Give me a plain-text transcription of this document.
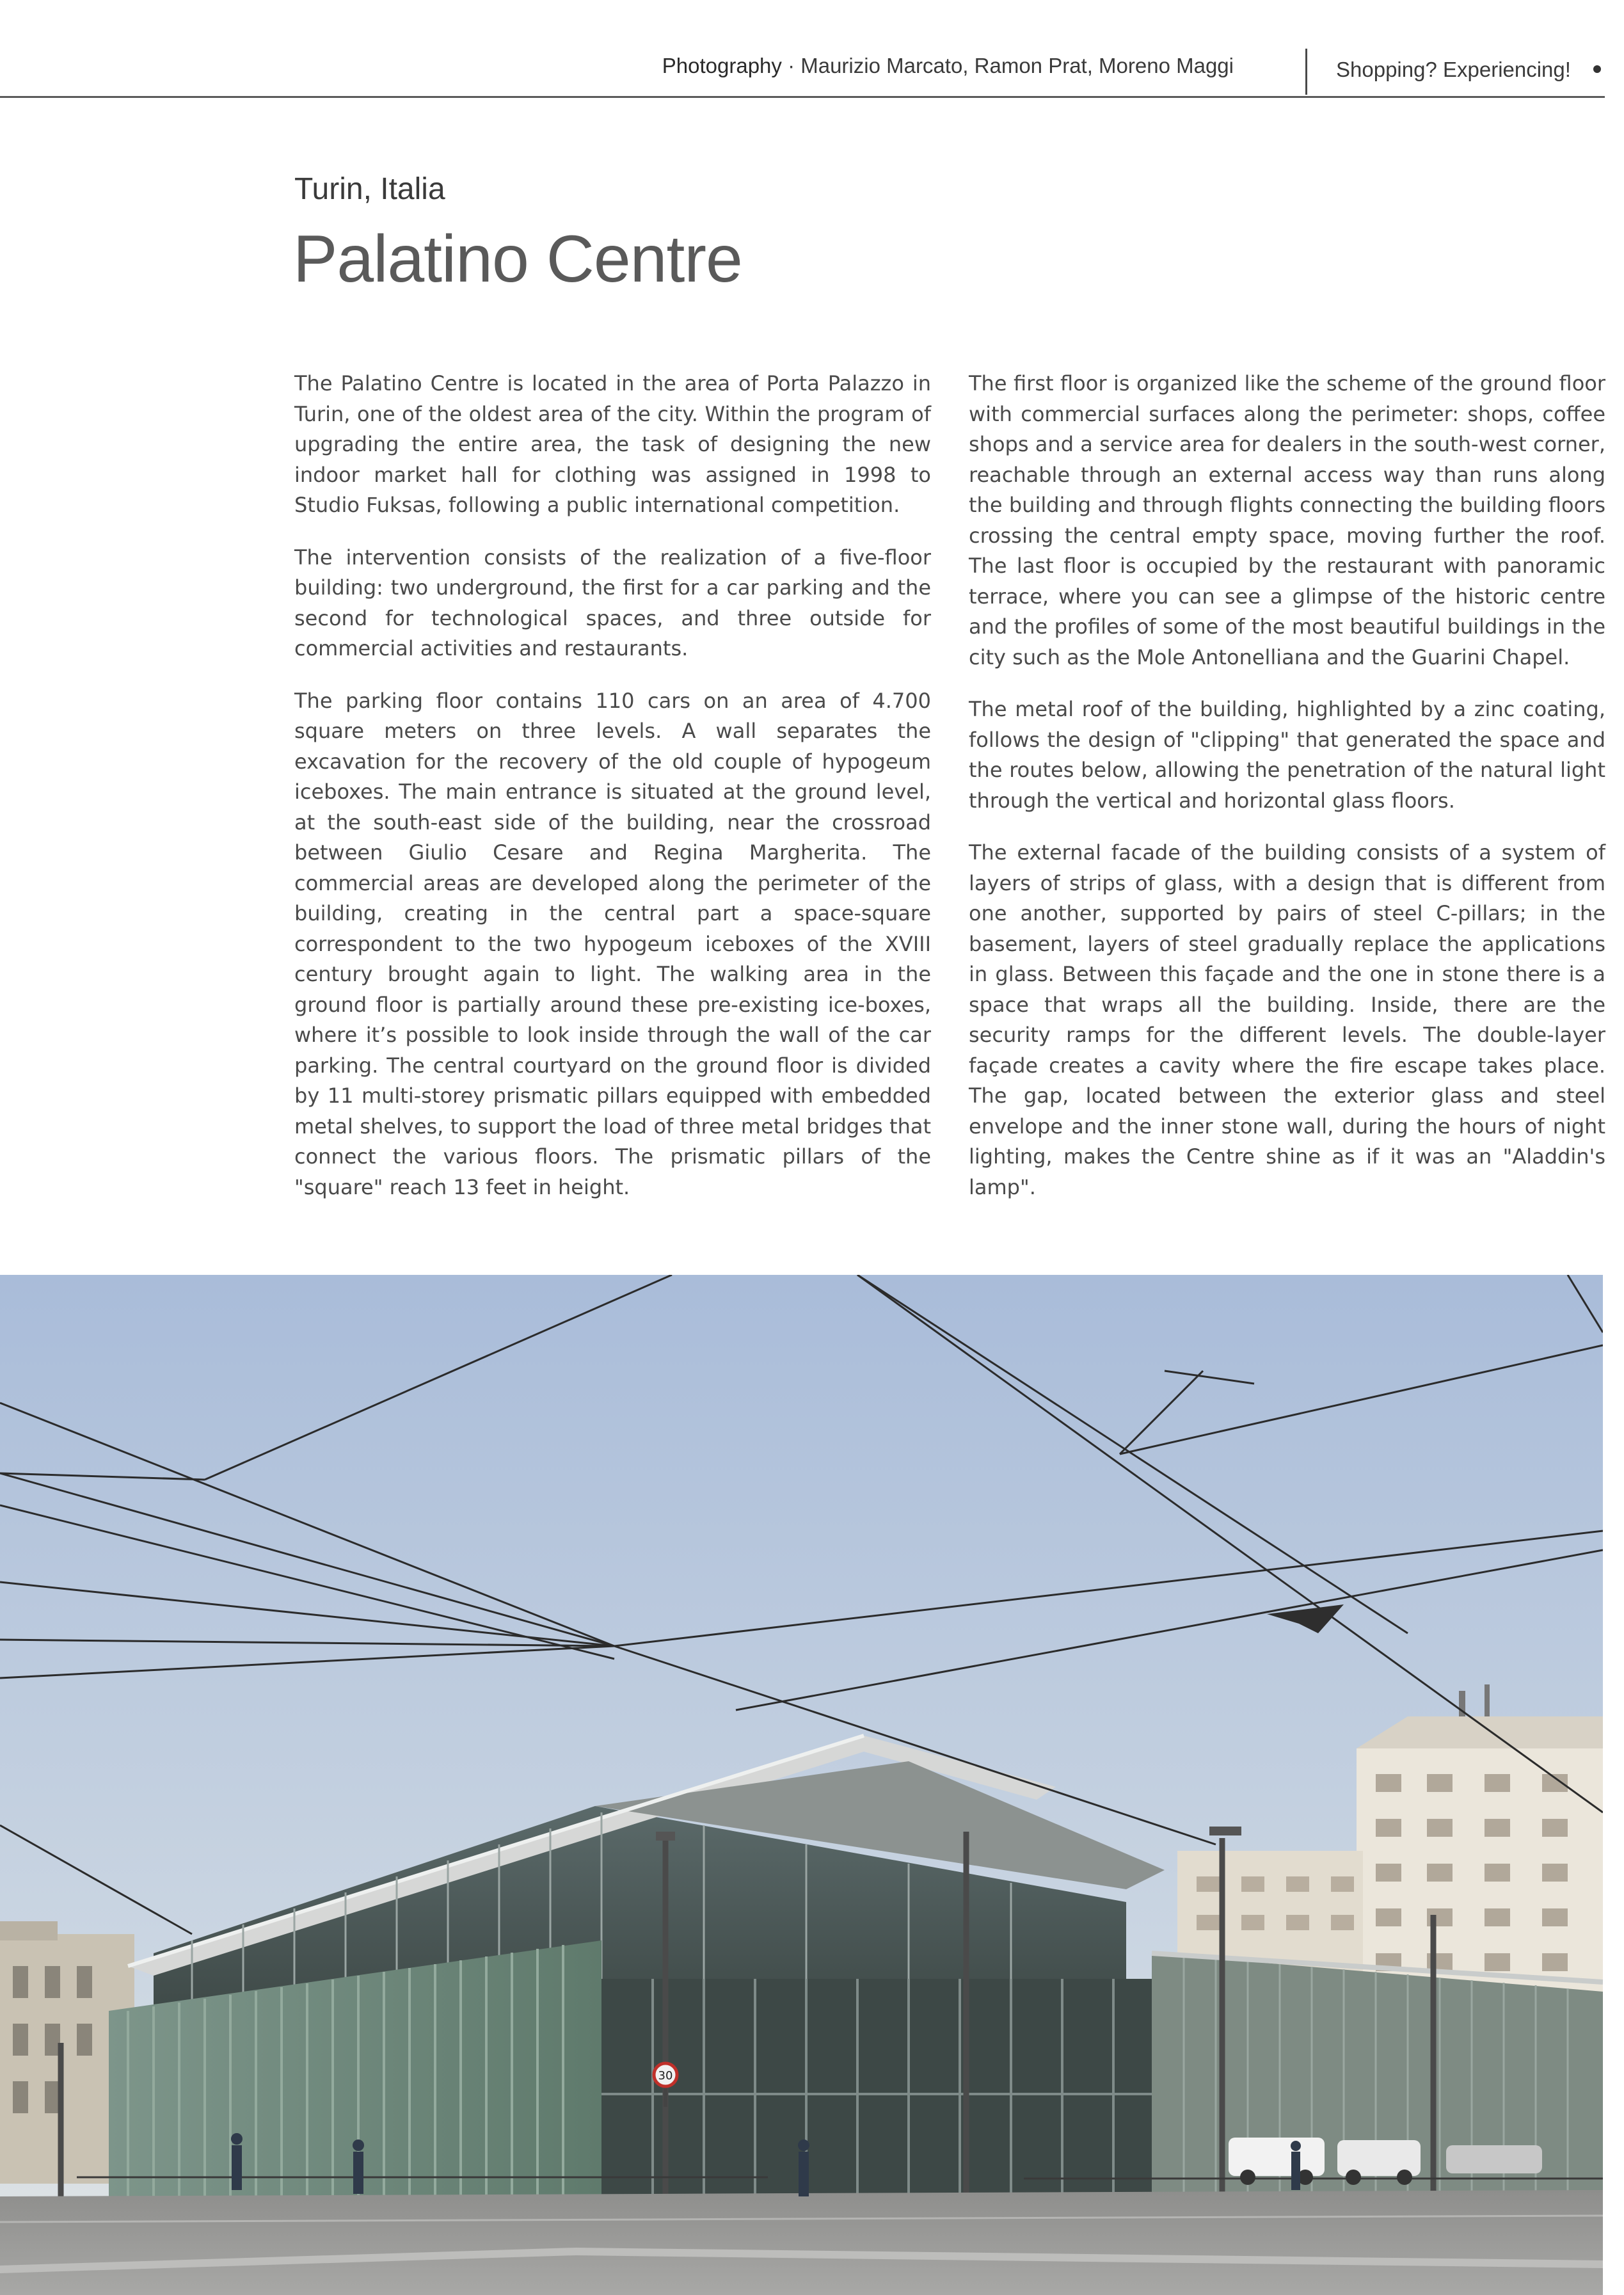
Photography · Maurizio Marcato, Ramon Prat, Moreno Maggi	Shopping? Experiencing!
Turin, Italia
Palatino Centre

The Palatino Centre is located in the area of Porta Palazzo in Turin, one of the oldest area of the city. Within the program of upgrading the entire area, the task of designing the new indoor market hall for clothing was assigned in 1998 to Studio Fuksas, following a public international competition.

The intervention consists of the realization of a five-floor building: two underground, the first for a car parking and the second for technological spaces, and three outside for commercial activities and restaurants.

The parking floor contains 110 cars on an area of 4.700 square meters on three levels. A wall separates the excavation for the recovery of the old couple of hypogeum iceboxes. The main entrance is situated at the ground level, at the south-east side of the building, near the crossroad between Giulio Cesare and Regina Margherita. The commercial areas are developed along the perimeter of the building, creating in the central part a space-square correspondent to the two hypogeum iceboxes of the XVIII century brought again to light. The walking area in the ground floor is partially around these pre-existing ice-boxes, where it’s possible to look inside through the wall of the car parking. The central courtyard on the ground floor is divided by 11 multi-storey prismatic pillars equipped with embedded metal shelves, to support the load of three metal bridges that connect the various floors. The prismatic pillars of the "square" reach 13 feet in height.

The first floor is organized like the scheme of the ground floor with commercial surfaces along the perimeter: shops, coffee shops and a service area for dealers in the south-west corner, reachable through an external access way than runs along the building and through flights connecting the building floors crossing the central empty space, moving further the roof. The last floor is occupied by the restaurant with panoramic terrace, where you can see a glimpse of the historic centre and the profiles of some of the most beautiful buildings in the city such as the Mole Antonelliana and the Guarini Chapel.

The metal roof of the building, highlighted by a zinc coating, follows the design of "clipping" that generated the space and the routes below, allowing the penetration of the natural light through the vertical and horizontal glass floors.

The external facade of the building consists of a system of layers of strips of glass, with a design that is different from one another, supported by pairs of steel C-pillars; in the basement, layers of steel gradually replace the applications in glass. Between this façade and the one in stone there is a space that wraps all the building. Inside, there are the security ramps for the different levels. The double-layer façade creates a cavity where the fire escape takes place. The gap, located between the exterior glass and steel envelope and the inner stone wall, during the hours of night lighting, makes the Centre shine as if it was an "Aladdin's lamp".

30
